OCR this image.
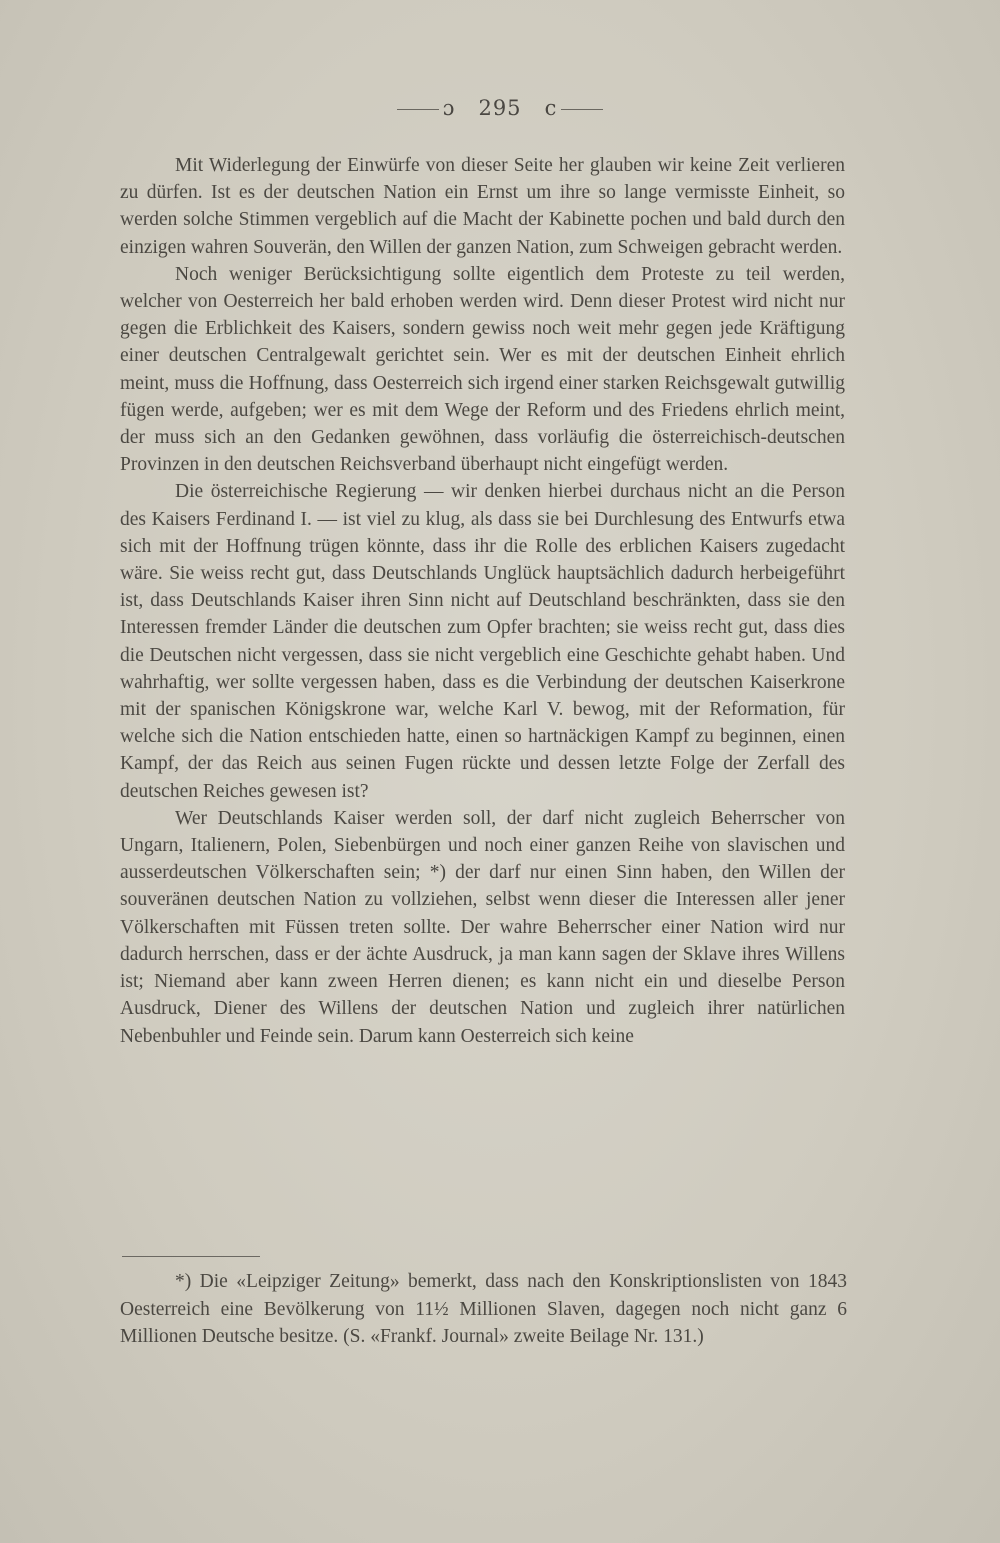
ɔ 295 c

Mit Widerlegung der Einwürfe von dieser Seite her glauben wir keine Zeit verlieren zu dürfen. Ist es der deutschen Nation ein Ernst um ihre so lange vermisste Einheit, so werden solche Stimmen vergeblich auf die Macht der Kabinette pochen und bald durch den einzigen wahren Souverän, den Willen der ganzen Nation, zum Schweigen gebracht werden.

Noch weniger Berücksichtigung sollte eigentlich dem Proteste zu teil werden, welcher von Oesterreich her bald erhoben werden wird. Denn dieser Protest wird nicht nur gegen die Erblichkeit des Kaisers, sondern gewiss noch weit mehr gegen jede Kräftigung einer deutschen Centralgewalt gerichtet sein. Wer es mit der deutschen Einheit ehrlich meint, muss die Hoffnung, dass Oesterreich sich irgend einer starken Reichsgewalt gutwillig fügen werde, aufgeben; wer es mit dem Wege der Reform und des Friedens ehrlich meint, der muss sich an den Gedanken gewöhnen, dass vorläufig die österreichisch-deutschen Provinzen in den deutschen Reichsverband überhaupt nicht eingefügt werden.

Die österreichische Regierung — wir denken hierbei durchaus nicht an die Person des Kaisers Ferdinand I. — ist viel zu klug, als dass sie bei Durchlesung des Entwurfs etwa sich mit der Hoffnung trügen könnte, dass ihr die Rolle des erblichen Kaisers zugedacht wäre. Sie weiss recht gut, dass Deutschlands Unglück hauptsächlich dadurch herbeigeführt ist, dass Deutschlands Kaiser ihren Sinn nicht auf Deutschland beschränkten, dass sie den Interessen fremder Länder die deutschen zum Opfer brachten; sie weiss recht gut, dass dies die Deutschen nicht vergessen, dass sie nicht vergeblich eine Geschichte gehabt haben. Und wahrhaftig, wer sollte vergessen haben, dass es die Verbindung der deutschen Kaiserkrone mit der spanischen Königskrone war, welche Karl V. bewog, mit der Reformation, für welche sich die Nation entschieden hatte, einen so hartnäckigen Kampf zu beginnen, einen Kampf, der das Reich aus seinen Fugen rückte und dessen letzte Folge der Zerfall des deutschen Reiches gewesen ist?

Wer Deutschlands Kaiser werden soll, der darf nicht zugleich Beherrscher von Ungarn, Italienern, Polen, Siebenbürgen und noch einer ganzen Reihe von slavischen und ausserdeutschen Völkerschaften sein; *) der darf nur einen Sinn haben, den Willen der souveränen deutschen Nation zu vollziehen, selbst wenn dieser die Interessen aller jener Völkerschaften mit Füssen treten sollte. Der wahre Beherrscher einer Nation wird nur dadurch herrschen, dass er der ächte Ausdruck, ja man kann sagen der Sklave ihres Willens ist; Niemand aber kann zween Herren dienen; es kann nicht ein und dieselbe Person Ausdruck, Diener des Willens der deutschen Nation und zugleich ihrer natürlichen Nebenbuhler und Feinde sein. Darum kann Oesterreich sich keine

*) Die «Leipziger Zeitung» bemerkt, dass nach den Konskriptionslisten von 1843 Oesterreich eine Bevölkerung von 11½ Millionen Slaven, dagegen noch nicht ganz 6 Millionen Deutsche besitze. (S. «Frankf. Journal» zweite Beilage Nr. 131.)
